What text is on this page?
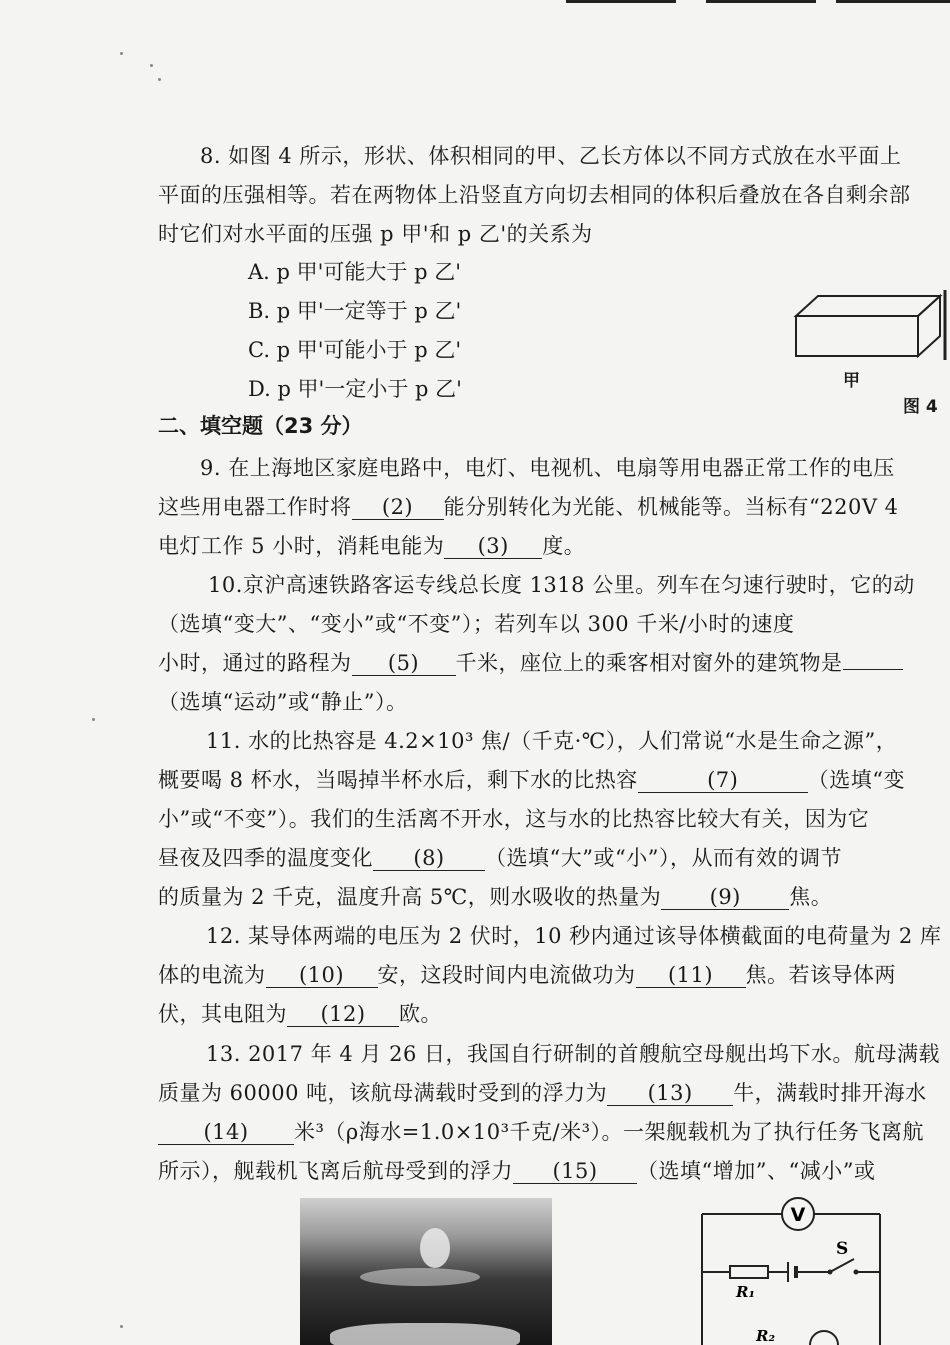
8. 如图 4 所示，形状、体积相同的甲、乙长方体以不同方式放在水平面上
平面的压强相等。若在两物体上沿竖直方向切去相同的体积后叠放在各自剩余部
时它们对水平面的压强 p 甲'和 p 乙'的关系为
A. p 甲'可能大于 p 乙'
B. p 甲'一定等于 p 乙'
C. p 甲'可能小于 p 乙'
D. p 甲'一定小于 p 乙'	甲
图 4
二、填空题（23 分）
9. 在上海地区家庭电路中，电灯、电视机、电扇等用电器正常工作的电压
这些用电器工作时将 (2) 能分别转化为光能、机械能等。当标有“220V 4
电灯工作 5 小时，消耗电能为 (3) 度。
10.京沪高速铁路客运专线总长度 1318 公里。列车在匀速行驶时，它的动
（选填“变大”、“变小”或“不变”）；若列车以 300 千米/小时的速度
小时，通过的路程为 (5) 千米，座位上的乘客相对窗外的建筑物是
（选填“运动”或“静止”）。
11. 水的比热容是 4.2×10³ 焦/（千克·℃），人们常说“水是生命之源”，
概要喝 8 杯水，当喝掉半杯水后，剩下水的比热容	(7)	（选填“变
小”或“不变”）。我们的生活离不开水，这与水的比热容比较大有关，因为它
昼夜及四季的温度变化 (8) （选填“大”或“小”），从而有效的调节
的质量为 2 千克，温度升高 5℃，则水吸收的热量为 (9) 焦。
12. 某导体两端的电压为 2 伏时，10 秒内通过该导体横截面的电荷量为 2 库
体的电流为 (10) 安，这段时间内电流做功为 (11) 焦。若该导体两
伏，其电阻为 (12) 欧。
13. 2017 年 4 月 26 日，我国自行研制的首艘航空母舰出坞下水。航母满载
质量为 60000 吨，该航母满载时受到的浮力为 (13) 牛，满载时排开海水
(14) 米³（ρ海水=1.0×10³千克/米³）。一架舰载机为了执行任务飞离航
所示），舰载机飞离后航母受到的浮力 (15) （选填“增加”、“减小”或
V
S
R₁
R₂
